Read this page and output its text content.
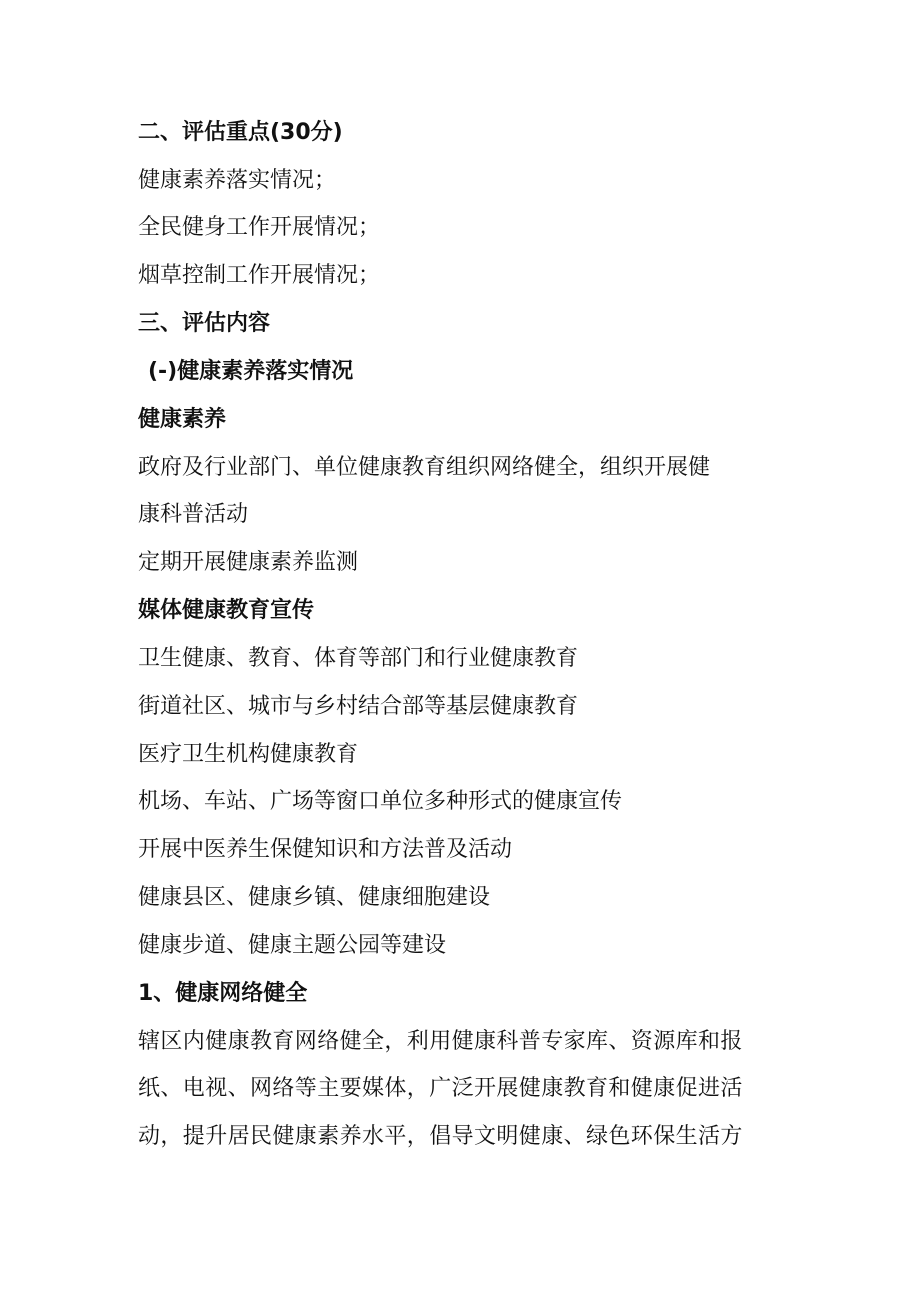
二、评估重点(30分)
健康素养落实情况；
全民健身工作开展情况；
烟草控制工作开展情况；
三、评估内容
(-)健康素养落实情况
健康素养
政府及行业部门、单位健康教育组织网络健全，组织开展健
康科普活动
定期开展健康素养监测
媒体健康教育宣传
卫生健康、教育、体育等部门和行业健康教育
街道社区、城市与乡村结合部等基层健康教育
医疗卫生机构健康教育
机场、车站、广场等窗口单位多种形式的健康宣传
开展中医养生保健知识和方法普及活动
健康县区、健康乡镇、健康细胞建设
健康步道、健康主题公园等建设
1、健康网络健全
辖区内健康教育网络健全，利用健康科普专家库、资源库和报
纸、电视、网络等主要媒体，广泛开展健康教育和健康促进活
动，提升居民健康素养水平，倡导文明健康、绿色环保生活方
